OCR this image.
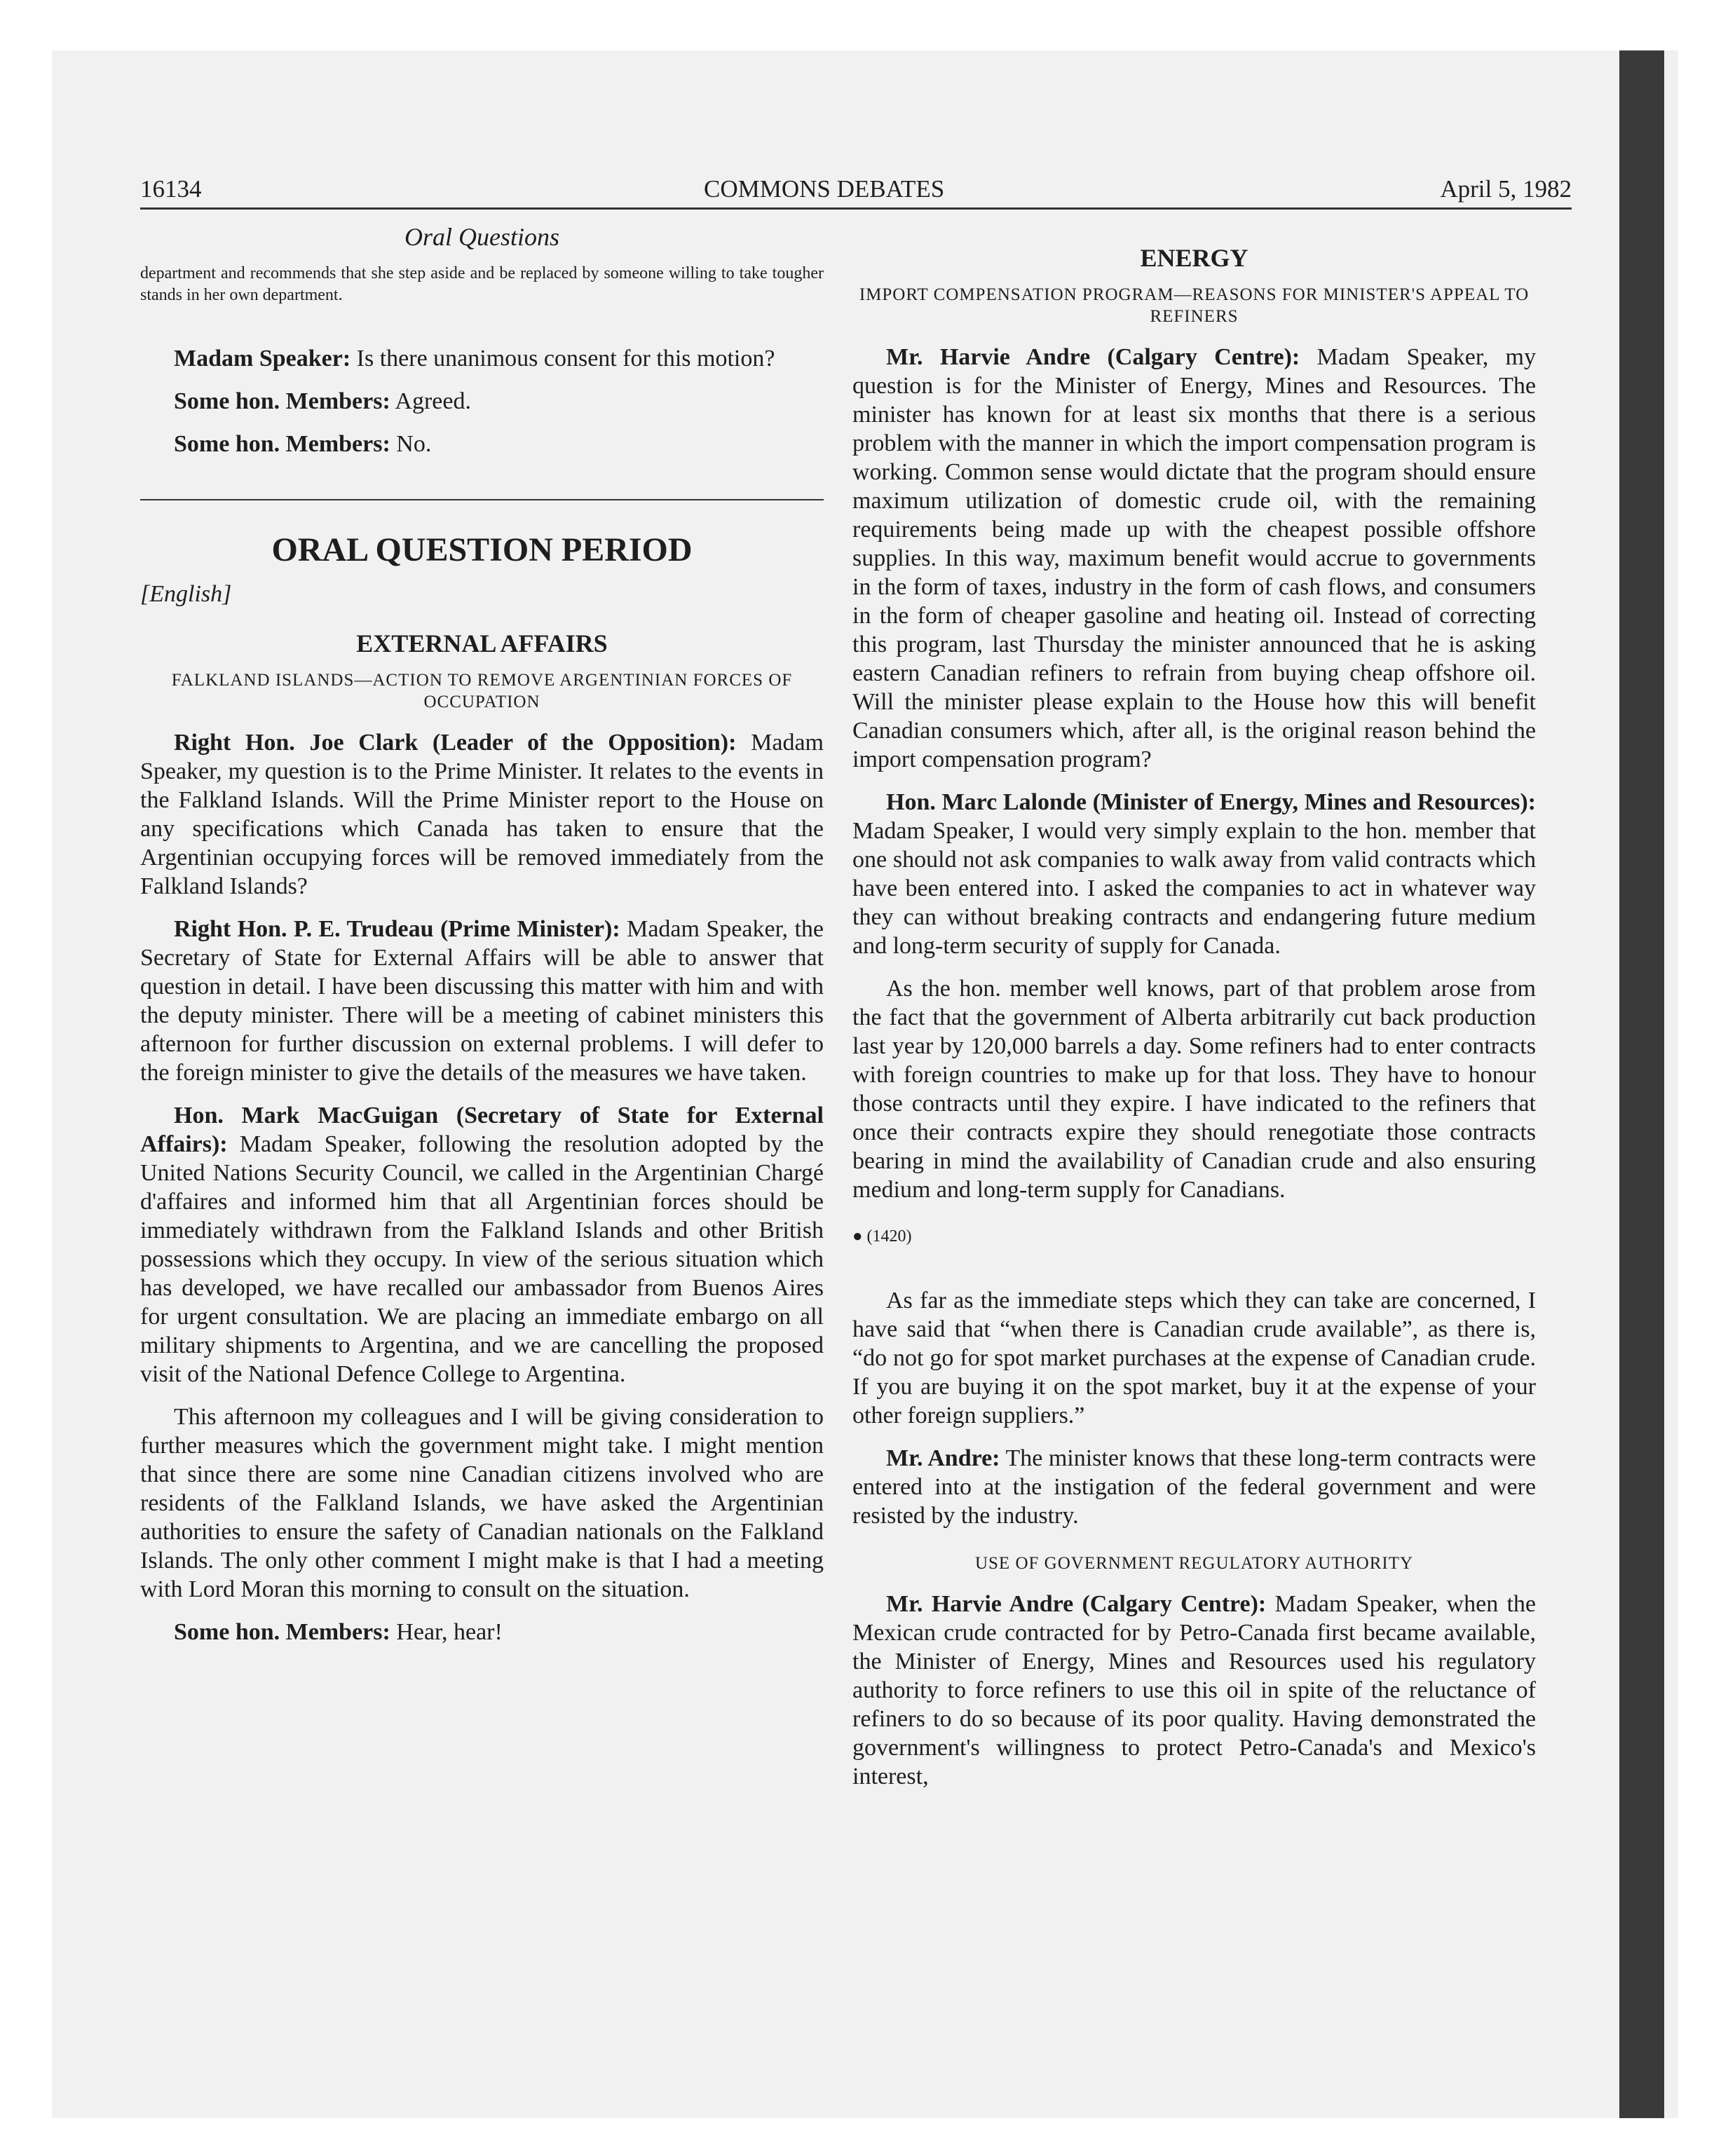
16134	COMMONS DEBATES	April 5, 1982
Oral Questions

department and recommends that she step aside and be replaced by someone willing to take tougher stands in her own department.

Madam Speaker: Is there unanimous consent for this motion?

Some hon. Members: Agreed.

Some hon. Members: No.

ORAL QUESTION PERIOD
[English]
EXTERNAL AFFAIRS
FALKLAND ISLANDS—ACTION TO REMOVE ARGENTINIAN FORCES OF OCCUPATION

Right Hon. Joe Clark (Leader of the Opposition): Madam Speaker, my question is to the Prime Minister. It relates to the events in the Falkland Islands. Will the Prime Minister report to the House on any specifications which Canada has taken to ensure that the Argentinian occupying forces will be removed immediately from the Falkland Islands?

Right Hon. P. E. Trudeau (Prime Minister): Madam Speaker, the Secretary of State for External Affairs will be able to answer that question in detail. I have been discussing this matter with him and with the deputy minister. There will be a meeting of cabinet ministers this afternoon for further discussion on external problems. I will defer to the foreign minister to give the details of the measures we have taken.

Hon. Mark MacGuigan (Secretary of State for External Affairs): Madam Speaker, following the resolution adopted by the United Nations Security Council, we called in the Argentinian Chargé d'affaires and informed him that all Argentinian forces should be immediately withdrawn from the Falkland Islands and other British possessions which they occupy. In view of the serious situation which has developed, we have recalled our ambassador from Buenos Aires for urgent consultation. We are placing an immediate embargo on all military shipments to Argentina, and we are cancelling the proposed visit of the National Defence College to Argentina.

This afternoon my colleagues and I will be giving consideration to further measures which the government might take. I might mention that since there are some nine Canadian citizens involved who are residents of the Falkland Islands, we have asked the Argentinian authorities to ensure the safety of Canadian nationals on the Falkland Islands. The only other comment I might make is that I had a meeting with Lord Moran this morning to consult on the situation.

Some hon. Members: Hear, hear!

ENERGY
IMPORT COMPENSATION PROGRAM—REASONS FOR MINISTER'S APPEAL TO REFINERS

Mr. Harvie Andre (Calgary Centre): Madam Speaker, my question is for the Minister of Energy, Mines and Resources. The minister has known for at least six months that there is a serious problem with the manner in which the import compensation program is working. Common sense would dictate that the program should ensure maximum utilization of domestic crude oil, with the remaining requirements being made up with the cheapest possible offshore supplies. In this way, maximum benefit would accrue to governments in the form of taxes, industry in the form of cash flows, and consumers in the form of cheaper gasoline and heating oil. Instead of correcting this program, last Thursday the minister announced that he is asking eastern Canadian refiners to refrain from buying cheap offshore oil. Will the minister please explain to the House how this will benefit Canadian consumers which, after all, is the original reason behind the import compensation program?

Hon. Marc Lalonde (Minister of Energy, Mines and Resources): Madam Speaker, I would very simply explain to the hon. member that one should not ask companies to walk away from valid contracts which have been entered into. I asked the companies to act in whatever way they can without breaking contracts and endangering future medium and long-term security of supply for Canada.

As the hon. member well knows, part of that problem arose from the fact that the government of Alberta arbitrarily cut back production last year by 120,000 barrels a day. Some refiners had to enter contracts with foreign countries to make up for that loss. They have to honour those contracts until they expire. I have indicated to the refiners that once their contracts expire they should renegotiate those contracts bearing in mind the availability of Canadian crude and also ensuring medium and long-term supply for Canadians.

● (1420)

As far as the immediate steps which they can take are concerned, I have said that “when there is Canadian crude available”, as there is, “do not go for spot market purchases at the expense of Canadian crude. If you are buying it on the spot market, buy it at the expense of your other foreign suppliers.”

Mr. Andre: The minister knows that these long-term contracts were entered into at the instigation of the federal government and were resisted by the industry.

USE OF GOVERNMENT REGULATORY AUTHORITY

Mr. Harvie Andre (Calgary Centre): Madam Speaker, when the Mexican crude contracted for by Petro-Canada first became available, the Minister of Energy, Mines and Resources used his regulatory authority to force refiners to use this oil in spite of the reluctance of refiners to do so because of its poor quality. Having demonstrated the government's willingness to protect Petro-Canada's and Mexico's interest,
